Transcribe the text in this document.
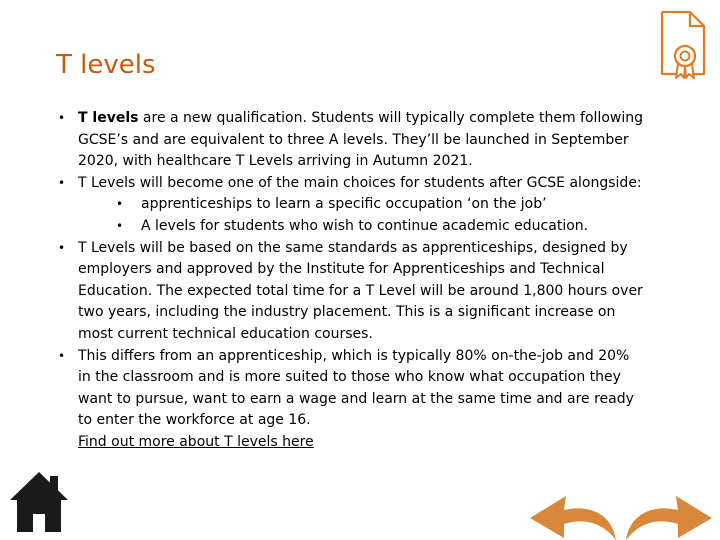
T levels

• T levels are a new qualification. Students will typically complete them following GCSE’s and are equivalent to three A levels. They’ll be launched in September 2020, with healthcare T Levels arriving in Autumn 2021.

• T Levels will become one of the main choices for students after GCSE alongside:

• apprenticeships to learn a specific occupation ‘on the job’

• A levels for students who wish to continue academic education.

• T Levels will be based on the same standards as apprenticeships, designed by employers and approved by the Institute for Apprenticeships and Technical Education. The expected total time for a T Level will be around 1,800 hours over two years, including the industry placement. This is a significant increase on most current technical education courses.

• This differs from an apprenticeship, which is typically 80% on-the-job and 20% in the classroom and is more suited to those who know what occupation they want to pursue, want to earn a wage and learn at the same time and are ready to enter the workforce at age 16.

Find out more about T levels here
